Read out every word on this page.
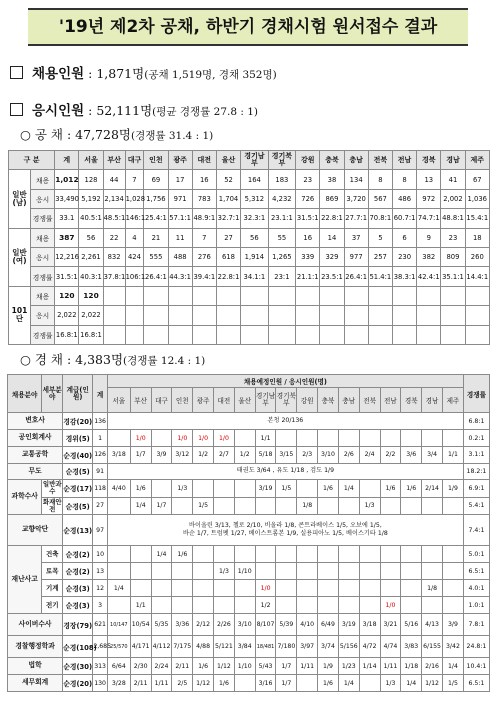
'19년 제2차 공채, 하반기 경채시험 원서접수 결과
채용인원 : 1,871명(공채 1,519명, 경채 352명)
응시인원 : 52,111명(평균 경쟁률 27.8 : 1)
○ 공 채 : 47,728명(경쟁률 31.4 : 1)
구 분		계	서울	부산	대구	인천	광주	대전	울산	경기남부	경기북부	강원	충북	충남	전북	전남	경북	경남	제주
일반(남)	채용	1,012	128	44	7	69	17	16	52	164	183	23	38	134	8	8	13	41	67
	응시	33,490	5,192	2,134	1,028	1,756	971	783	1,704	5,312	4,232	726	869	3,720	567	486	972	2,002	1,036
	경쟁률	33.1	40.5:1	48.5:1	146:1	25.4:1	57.1:1	48.9:1	32.7:1	32.3:1	23.1:1	31.5:1	22.8:1	27.7:1	70.8:1	60.7:1	74.7:1	48.8:1	15.4:1
일반(여)	채용	387	56	22	4	21	11	7	27	56	55	16	14	37	5	6	9	23	18
	응시	12,216	2,261	832	424	555	488	276	618	1,914	1,265	339	329	977	257	230	382	809	260
	경쟁률	31.5:1	40.3:1	37.8:1	106:1	26.4:1	44.3:1	39.4:1	22.8:1	34.1:1	23:1	21.1:1	23.5:1	26.4:1	51.4:1	38.3:1	42.4:1	35.1:1	14.4:1
101단	채용	120	120																
	응시	2,022	2,022																
	경쟁률	16.8:1	16.8:1																
○ 경 채 : 4,383명(경쟁률 12.4 : 1)
채용분야	세부분야	계급(인원)	계	채용예정인원 / 응시인원(명)																	경쟁률
				서울	부산	대구	인천	광주	대전	울산	경기남부	경기북부	강원	충북	충남	전북	전남	경북	경남	제주	
변호사		경감(20)	136	본청 20/136																	6.8:1
공인회계사		경위(5)	1		1/0		1/0	1/0	1/0		1/1										0.2:1
교통공학		순경(40)	126	3/18	1/7	3/9	3/12	1/2	2/7	1/2	5/18	3/15	2/3	3/10	2/6	2/4	2/2	3/6	3/4	1/1	3.1:1
무도		순경(5)	91	태권도 3/64 , 유도 1/18 , 검도 1/9																	18.2:1
과학수사	일반과수	순경(17)	118	4/40	1/6		1/3				3/19	1/5		1/6	1/4		1/6	1/6	2/14	1/9	6.9:1
	화재안전	순경(5)	27		1/4	1/7		1/5					1/8			1/3					5.4:1
교향악단		순경(13)	97	바이올린 3/13, 첼로 2/10, 비올라 1/8, 콘트라베이스 1/5, 오보에 1/5,
바순 1/7, 트럼펫 1/27, 베이스트롬본 1/9, 실용피아노 1/5, 베이스기타 1/8																	7.4:1
재난사고	건축	순경(2)	10			1/4	1/6														5.0:1
	토목	순경(2)	13						1/3	1/10											6.5:1
	기계	순경(3)	12	1/4							1/0								1/8		4.0:1
	전기	순경(3)	3		1/1						1/2						1/0				1.0:1
사이버수사		경장(79)	621	10/147	10/54	5/35	3/36	2/12	2/26	3/10	8/107	5/39	4/10	6/49	3/19	3/18	3/21	5/16	4/13	3/9	7.8:1
경찰행정학과		순경(108)	2,685	25/570	4/171	4/112	7/175	4/88	5/121	3/84	18/481	7/180	3/97	3/74	5/156	4/72	4/74	3/83	6/155	3/42	24.8:1
법학		순경(30)	313	6/64	2/30	2/24	2/11	1/6	1/12	1/10	5/43	1/7	1/11	1/9	1/23	1/14	1/11	1/18	2/16	1/4	10.4:1
세무회계		순경(20)	130	3/28	2/11	1/11	2/5	1/12	1/6		3/16	1/7		1/6	1/4		1/3	1/4	1/12	1/5	6.5:1
